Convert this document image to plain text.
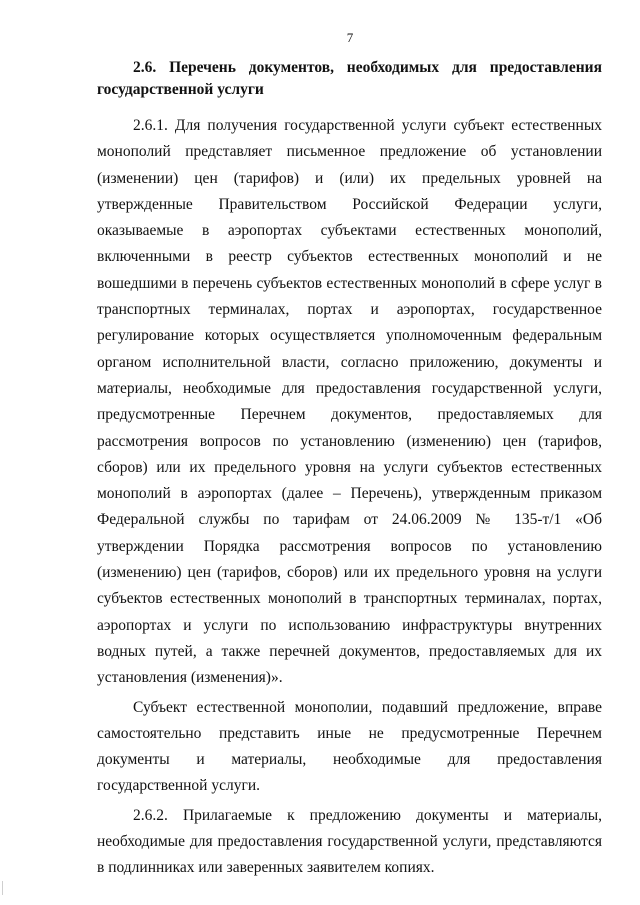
7

2.6. Перечень документов, необходимых для предоставления государственной услуги

2.6.1. Для получения государственной услуги субъект естественных монополий представляет письменное предложение об установлении (изменении) цен (тарифов) и (или) их предельных уровней на утвержденные Правительством Российской Федерации услуги, оказываемые в аэропортах субъектами естественных монополий, включенными в реестр субъектов естественных монополий и не вошедшими в перечень субъектов естественных монополий в сфере услуг в транспортных терминалах, портах и аэропортах, государственное регулирование которых осуществляется уполномоченным федеральным органом исполнительной власти, согласно приложению, документы и материалы, необходимые для предоставления государственной услуги, предусмотренные Перечнем документов, предоставляемых для рассмотрения вопросов по установлению (изменению) цен (тарифов, сборов) или их предельного уровня на услуги субъектов естественных монополий в аэропортах (далее – Перечень), утвержденным приказом Федеральной службы по тарифам от 24.06.2009 № 135-т/1 «Об утверждении Порядка рассмотрения вопросов по установлению (изменению) цен (тарифов, сборов) или их предельного уровня на услуги субъектов естественных монополий в транспортных терминалах, портах, аэропортах и услуги по использованию инфраструктуры внутренних водных путей, а также перечней документов, предоставляемых для их установления (изменения)».

Субъект естественной монополии, подавший предложение, вправе самостоятельно представить иные не предусмотренные Перечнем документы и материалы, необходимые для предоставления государственной услуги.

2.6.2. Прилагаемые к предложению документы и материалы, необходимые для предоставления государственной услуги, представляются в подлинниках или заверенных заявителем копиях.
